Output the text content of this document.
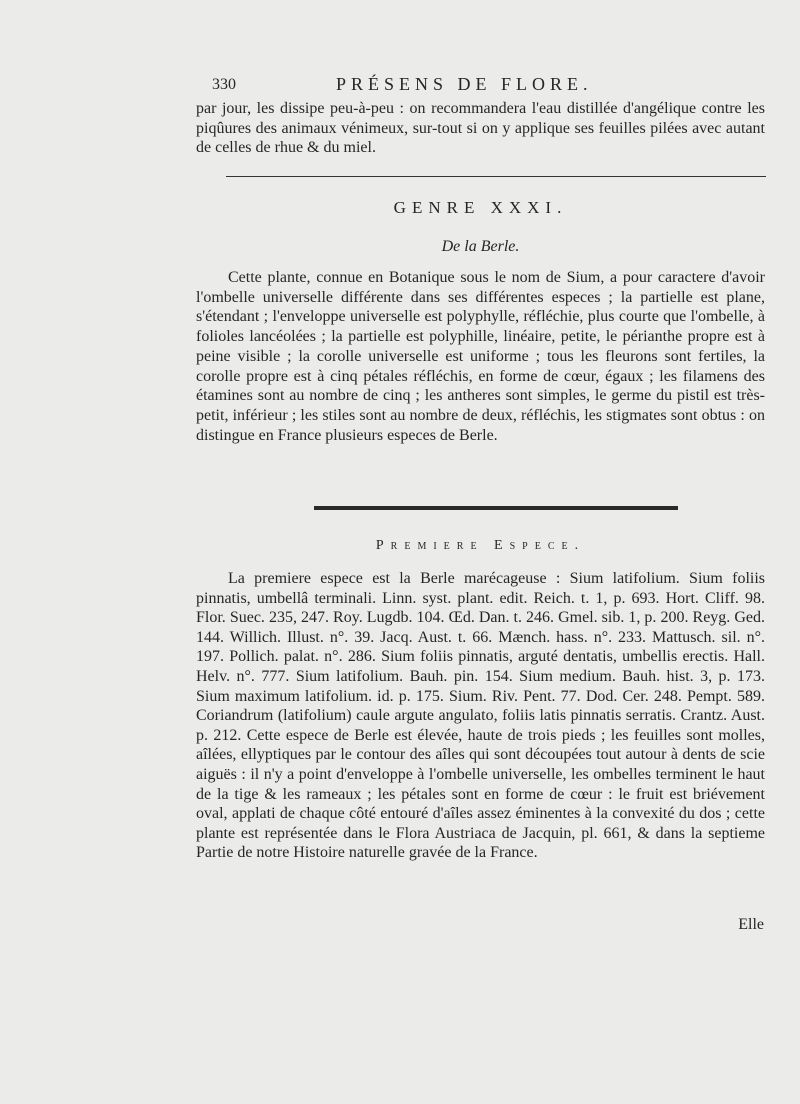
330	PRÉSENS DE FLORE.

par jour, les dissipe peu-à-peu : on recommandera l'eau distillée d'angélique contre les piqûures des animaux vénimeux, sur-tout si on y applique ses feuilles pilées avec autant de celles de rhue & du miel.

GENRE XXXI.
De la Berle.

Cette plante, connue en Botanique sous le nom de Sium, a pour caractere d'avoir l'ombelle universelle différente dans ses différentes especes ; la partielle est plane, s'étendant ; l'enveloppe universelle est polyphylle, réfléchie, plus courte que l'ombelle, à folioles lancéolées ; la partielle est polyphille, linéaire, petite, le périanthe propre est à peine visible ; la corolle universelle est uniforme ; tous les fleurons sont fertiles, la corolle propre est à cinq pétales réfléchis, en forme de cœur, égaux ; les filamens des étamines sont au nombre de cinq ; les antheres sont simples, le germe du pistil est très-petit, inférieur ; les stiles sont au nombre de deux, réfléchis, les stigmates sont obtus : on distingue en France plusieurs especes de Berle.

Premiere Espece.

La premiere espece est la Berle marécageuse : Sium latifolium. Sium foliis pinnatis, umbellâ terminali. Linn. syst. plant. edit. Reich. t. 1, p. 693. Hort. Cliff. 98. Flor. Suec. 235, 247. Roy. Lugdb. 104. Œd. Dan. t. 246. Gmel. sib. 1, p. 200. Reyg. Ged. 144. Willich. Illust. n°. 39. Jacq. Aust. t. 66. Mænch. hass. n°. 233. Mattusch. sil. n°. 197. Pollich. palat. n°. 286. Sium foliis pinnatis, arguté dentatis, umbellis erectis. Hall. Helv. n°. 777. Sium latifolium. Bauh. pin. 154. Sium medium. Bauh. hist. 3, p. 173. Sium maximum latifolium. id. p. 175. Sium. Riv. Pent. 77. Dod. Cer. 248. Pempt. 589. Coriandrum (latifolium) caule argute angulato, foliis latis pinnatis serratis. Crantz. Aust. p. 212. Cette espece de Berle est élevée, haute de trois pieds ; les feuilles sont molles, aîlées, ellyptiques par le contour des aîles qui sont découpées tout autour à dents de scie aiguës : il n'y a point d'enveloppe à l'ombelle universelle, les ombelles terminent le haut de la tige & les rameaux ; les pétales sont en forme de cœur : le fruit est briévement oval, applati de chaque côté entouré d'aîles assez éminentes à la convexité du dos ; cette plante est représentée dans le Flora Austriaca de Jacquin, pl. 661, & dans la septieme Partie de notre Histoire naturelle gravée de la France.

Elle
